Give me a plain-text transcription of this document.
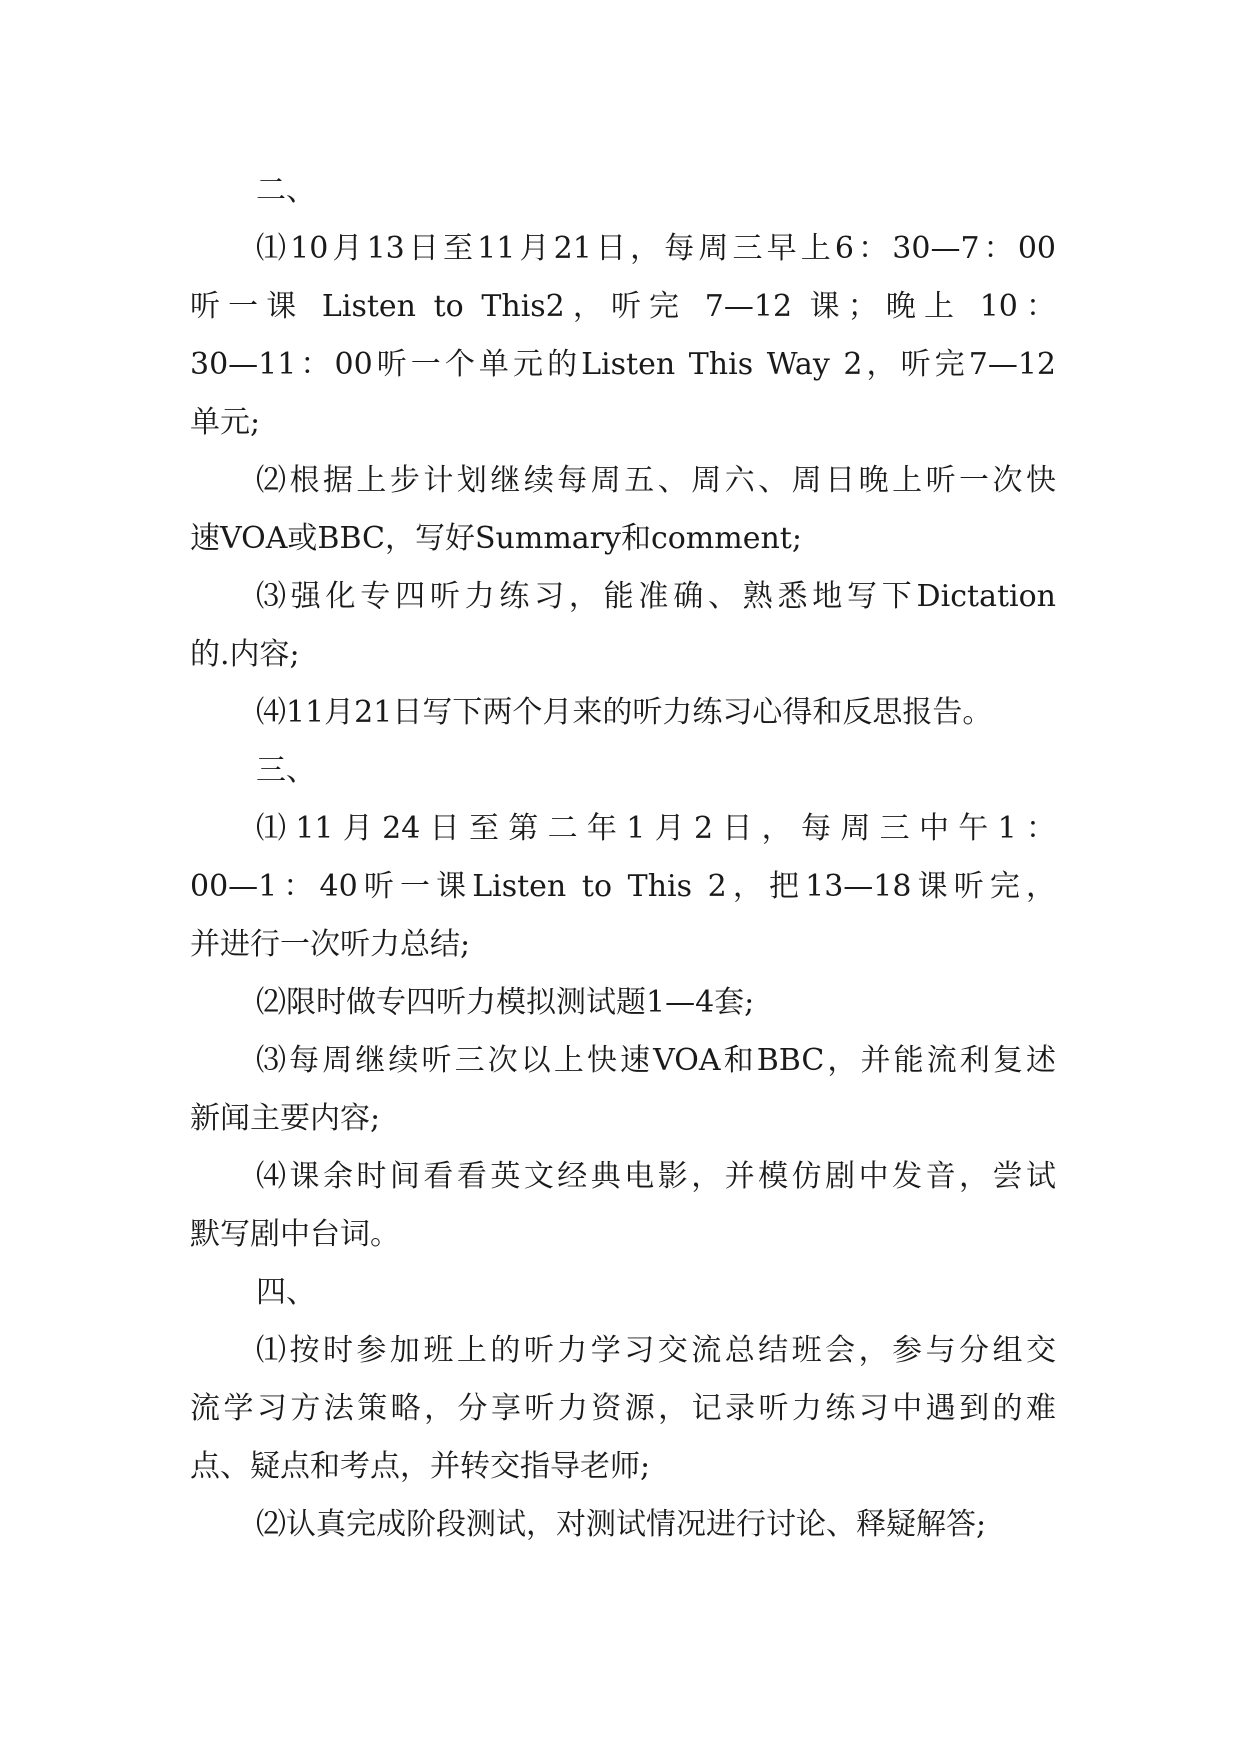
二、
⑴10月13日至11月21日，每周三早上6：30—7：00
听一课 Listen to This2，听完 7—12 课；晚上 10：
30—11：00听一个单元的Listen This Way 2，听完7—12
单元;
⑵根据上步计划继续每周五、周六、周日晚上听一次快
速VOA或BBC，写好Summary和comment;
⑶强化专四听力练习，能准确、熟悉地写下Dictation
的.内容;
⑷11月21日写下两个月来的听力练习心得和反思报告。
三、
⑴11月24日至第二年1月2日，每周三中午1：
00—1：40听一课Listen to This 2，把13—18课听完，
并进行一次听力总结;
⑵限时做专四听力模拟测试题1—4套;
⑶每周继续听三次以上快速VOA和BBC，并能流利复述
新闻主要内容;
⑷课余时间看看英文经典电影，并模仿剧中发音，尝试
默写剧中台词。
四、
⑴按时参加班上的听力学习交流总结班会，参与分组交
流学习方法策略，分享听力资源，记录听力练习中遇到的难
点、疑点和考点，并转交指导老师;
⑵认真完成阶段测试，对测试情况进行讨论、释疑解答;
